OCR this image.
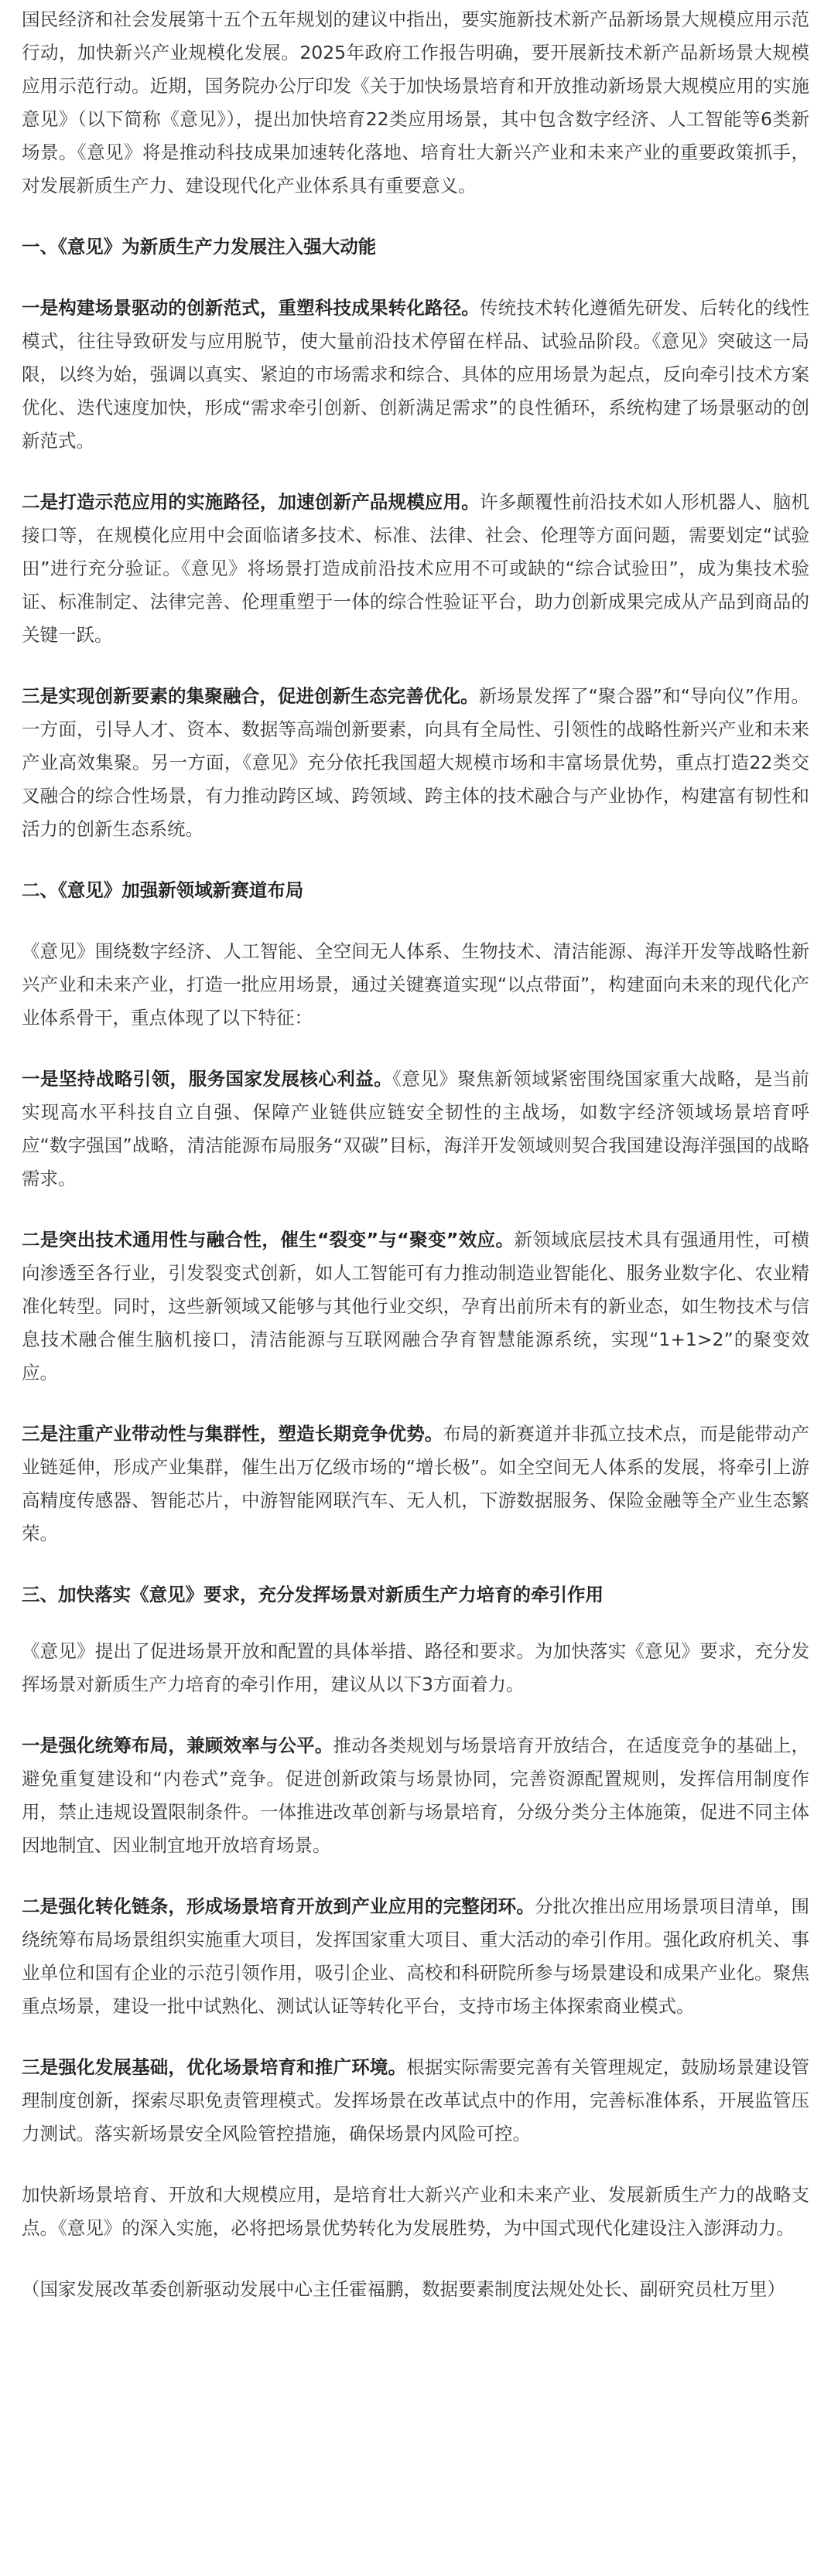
国民经济和社会发展第十五个五年规划的建议中指出，要实施新技术新产品新场景大规模应用示范行动，加快新兴产业规模化发展。2025年政府工作报告明确，要开展新技术新产品新场景大规模应用示范行动。近期，国务院办公厅印发《关于加快场景培育和开放推动新场景大规模应用的实施意见》（以下简称《意见》），提出加快培育22类应用场景，其中包含数字经济、人工智能等6类新场景。《意见》将是推动科技成果加速转化落地、培育壮大新兴产业和未来产业的重要政策抓手，对发展新质生产力、建设现代化产业体系具有重要意义。

一、《意见》为新质生产力发展注入强大动能

一是构建场景驱动的创新范式，重塑科技成果转化路径。传统技术转化遵循先研发、后转化的线性模式，往往导致研发与应用脱节，使大量前沿技术停留在样品、试验品阶段。《意见》突破这一局限，以终为始，强调以真实、紧迫的市场需求和综合、具体的应用场景为起点，反向牵引技术方案优化、迭代速度加快，形成“需求牵引创新、创新满足需求”的良性循环，系统构建了场景驱动的创新范式。

二是打造示范应用的实施路径，加速创新产品规模应用。许多颠覆性前沿技术如人形机器人、脑机接口等，在规模化应用中会面临诸多技术、标准、法律、社会、伦理等方面问题，需要划定“试验田”进行充分验证。《意见》将场景打造成前沿技术应用不可或缺的“综合试验田”，成为集技术验证、标准制定、法律完善、伦理重塑于一体的综合性验证平台，助力创新成果完成从产品到商品的关键一跃。

三是实现创新要素的集聚融合，促进创新生态完善优化。新场景发挥了“聚合器”和“导向仪”作用。一方面，引导人才、资本、数据等高端创新要素，向具有全局性、引领性的战略性新兴产业和未来产业高效集聚。另一方面，《意见》充分依托我国超大规模市场和丰富场景优势，重点打造22类交叉融合的综合性场景，有力推动跨区域、跨领域、跨主体的技术融合与产业协作，构建富有韧性和活力的创新生态系统。

二、《意见》加强新领域新赛道布局

《意见》围绕数字经济、人工智能、全空间无人体系、生物技术、清洁能源、海洋开发等战略性新兴产业和未来产业，打造一批应用场景，通过关键赛道实现“以点带面”，构建面向未来的现代化产业体系骨干，重点体现了以下特征：

一是坚持战略引领，服务国家发展核心利益。《意见》聚焦新领域紧密围绕国家重大战略，是当前实现高水平科技自立自强、保障产业链供应链安全韧性的主战场，如数字经济领域场景培育呼应“数字强国”战略，清洁能源布局服务“双碳”目标，海洋开发领域则契合我国建设海洋强国的战略需求。

二是突出技术通用性与融合性，催生“裂变”与“聚变”效应。新领域底层技术具有强通用性，可横向渗透至各行业，引发裂变式创新，如人工智能可有力推动制造业智能化、服务业数字化、农业精准化转型。同时，这些新领域又能够与其他行业交织，孕育出前所未有的新业态，如生物技术与信息技术融合催生脑机接口，清洁能源与互联网融合孕育智慧能源系统，实现“1+1>2”的聚变效应。

三是注重产业带动性与集群性，塑造长期竞争优势。布局的新赛道并非孤立技术点，而是能带动产业链延伸，形成产业集群，催生出万亿级市场的“增长极”。如全空间无人体系的发展，将牵引上游高精度传感器、智能芯片，中游智能网联汽车、无人机，下游数据服务、保险金融等全产业生态繁荣。

三、加快落实《意见》要求，充分发挥场景对新质生产力培育的牵引作用

《意见》提出了促进场景开放和配置的具体举措、路径和要求。为加快落实《意见》要求，充分发挥场景对新质生产力培育的牵引作用，建议从以下3方面着力。

一是强化统筹布局，兼顾效率与公平。推动各类规划与场景培育开放结合，在适度竞争的基础上，避免重复建设和“内卷式”竞争。促进创新政策与场景协同，完善资源配置规则，发挥信用制度作用，禁止违规设置限制条件。一体推进改革创新与场景培育，分级分类分主体施策，促进不同主体因地制宜、因业制宜地开放培育场景。

二是强化转化链条，形成场景培育开放到产业应用的完整闭环。分批次推出应用场景项目清单，围绕统筹布局场景组织实施重大项目，发挥国家重大项目、重大活动的牵引作用。强化政府机关、事业单位和国有企业的示范引领作用，吸引企业、高校和科研院所参与场景建设和成果产业化。聚焦重点场景，建设一批中试熟化、测试认证等转化平台，支持市场主体探索商业模式。

三是强化发展基础，优化场景培育和推广环境。根据实际需要完善有关管理规定，鼓励场景建设管理制度创新，探索尽职免责管理模式。发挥场景在改革试点中的作用，完善标准体系，开展监管压力测试。落实新场景安全风险管控措施，确保场景内风险可控。

加快新场景培育、开放和大规模应用，是培育壮大新兴产业和未来产业、发展新质生产力的战略支点。《意见》的深入实施，必将把场景优势转化为发展胜势，为中国式现代化建设注入澎湃动力。

（国家发展改革委创新驱动发展中心主任霍福鹏，数据要素制度法规处处长、副研究员杜万里）
